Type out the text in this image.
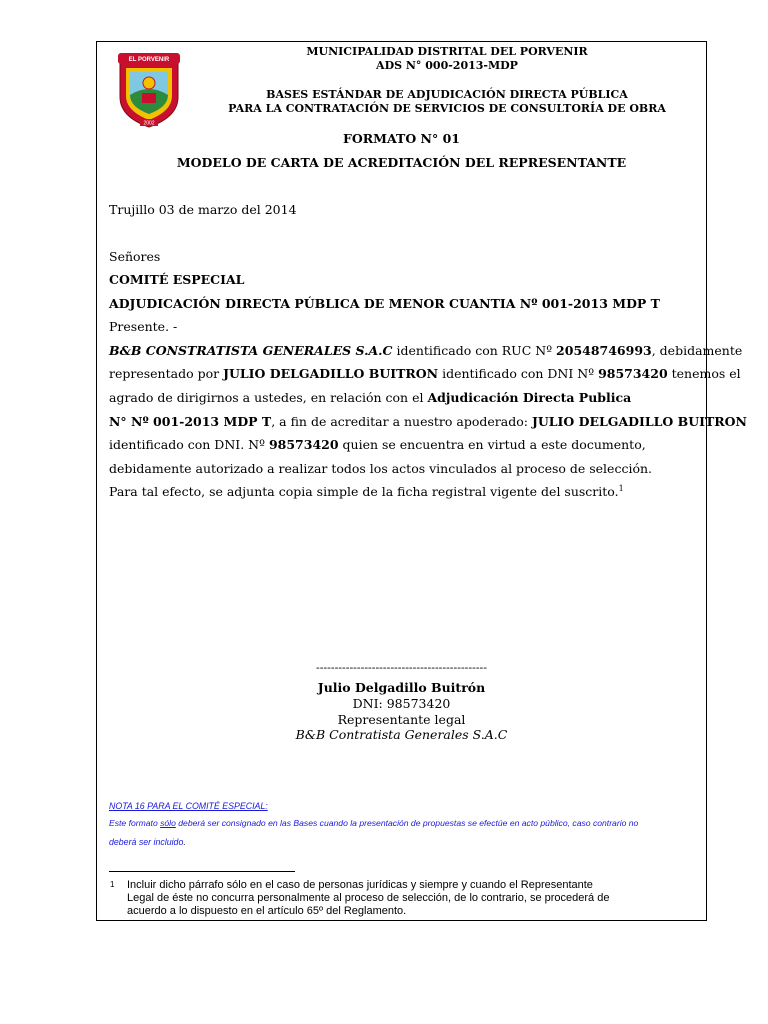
EL PORVENIR
2002
MUNICIPALIDAD DISTRITAL DEL PORVENIR
ADS N° 000-2013-MDP
BASES ESTÁNDAR DE ADJUDICACIÓN DIRECTA PÚBLICA
PARA LA CONTRATACIÓN DE SERVICIOS DE CONSULTORÍA DE OBRA
FORMATO N° 01
MODELO DE CARTA DE ACREDITACIÓN DEL REPRESENTANTE
Trujillo 03 de marzo del 2014
Señores
COMITÉ ESPECIAL
ADJUDICACIÓN DIRECTA PÚBLICA DE MENOR CUANTIA Nº 001-2013 MDP T
Presente. -
B&B CONSTRATISTA GENERALES S.A.C identificado con RUC Nº 20548746993, debidamente
representado por JULIO DELGADILLO BUITRON identificado con DNI Nº 98573420 tenemos el
agrado de dirigirnos a ustedes, en relación con el Adjudicación Directa Publica
N° Nº 001-2013 MDP T, a fin de acreditar a nuestro apoderado: JULIO DELGADILLO BUITRON
identificado con DNI. Nº 98573420 quien se encuentra en virtud a este documento,
debidamente autorizado a realizar todos los actos vinculados al proceso de selección.
Para tal efecto, se adjunta copia simple de la ficha registral vigente del suscrito.$^1$
----------------------------------------------
Julio Delgadillo Buitrón
DNI: 98573420
Representante legal
B&B Contratista Generales S.A.C
NOTA 16 PARA EL COMITÉ ESPECIAL:
Este formato sólo deberá ser consignado en las Bases cuando la presentación de propuestas se efectúe en acto público, caso contrario no
deberá ser incluido.
1 Incluir dicho párrafo sólo en el caso de personas jurídicas y siempre y cuando el Representante
Legal de éste no concurra personalmente al proceso de selección, de lo contrario, se procederá de
acuerdo a lo dispuesto en el artículo 65º del Reglamento.
